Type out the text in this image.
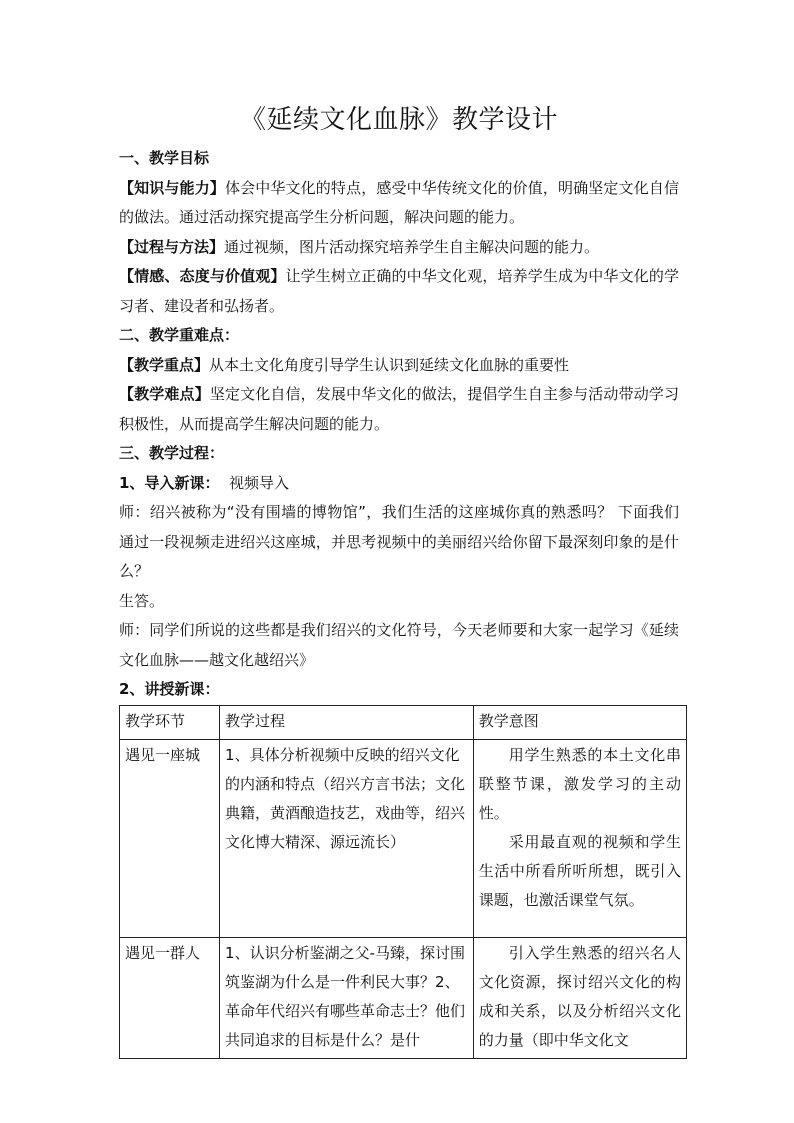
《延续文化血脉》教学设计

一、教学目标

【知识与能力】体会中华文化的特点，感受中华传统文化的价值，明确坚定文化自信的做法。通过活动探究提高学生分析问题，解决问题的能力。

【过程与方法】通过视频，图片活动探究培养学生自主解决问题的能力。

【情感、态度与价值观】让学生树立正确的中华文化观，培养学生成为中华文化的学习者、建设者和弘扬者。

二、教学重难点：

【教学重点】从本土文化角度引导学生认识到延续文化血脉的重要性

【教学难点】坚定文化自信，发展中华文化的做法，提倡学生自主参与活动带动学习积极性，从而提高学生解决问题的能力。

三、教学过程：

1、导入新课： 视频导入

师：绍兴被称为“没有围墙的博物馆”，我们生活的这座城你真的熟悉吗？ 下面我们通过一段视频走进绍兴这座城，并思考视频中的美丽绍兴给你留下最深刻印象的是什么？

生答。

师：同学们所说的这些都是我们绍兴的文化符号，今天老师要和大家一起学习《延续文化血脉——越文化越绍兴》

2、讲授新课：

教学环节	教学过程	教学意图
遇见一座城	1、具体分析视频中反映的绍兴文化的内涵和特点（绍兴方言书法；文化典籍，黄酒酿造技艺，戏曲等，绍兴文化博大精深、源远流长）	用学生熟悉的本土文化串联整节课，激发学习的主动性。

采用最直观的视频和学生生活中所看所听所想，既引入课题，也激活课堂气氛。

遇见一群人	1、认识分析鉴湖之父-马臻，探讨围筑鉴湖为什么是一件利民大事？2、革命年代绍兴有哪些革命志士？他们共同追求的目标是什么？是什	引入学生熟悉的绍兴名人文化资源，探讨绍兴文化的构成和关系，以及分析绍兴文化的力量（即中华文化文
